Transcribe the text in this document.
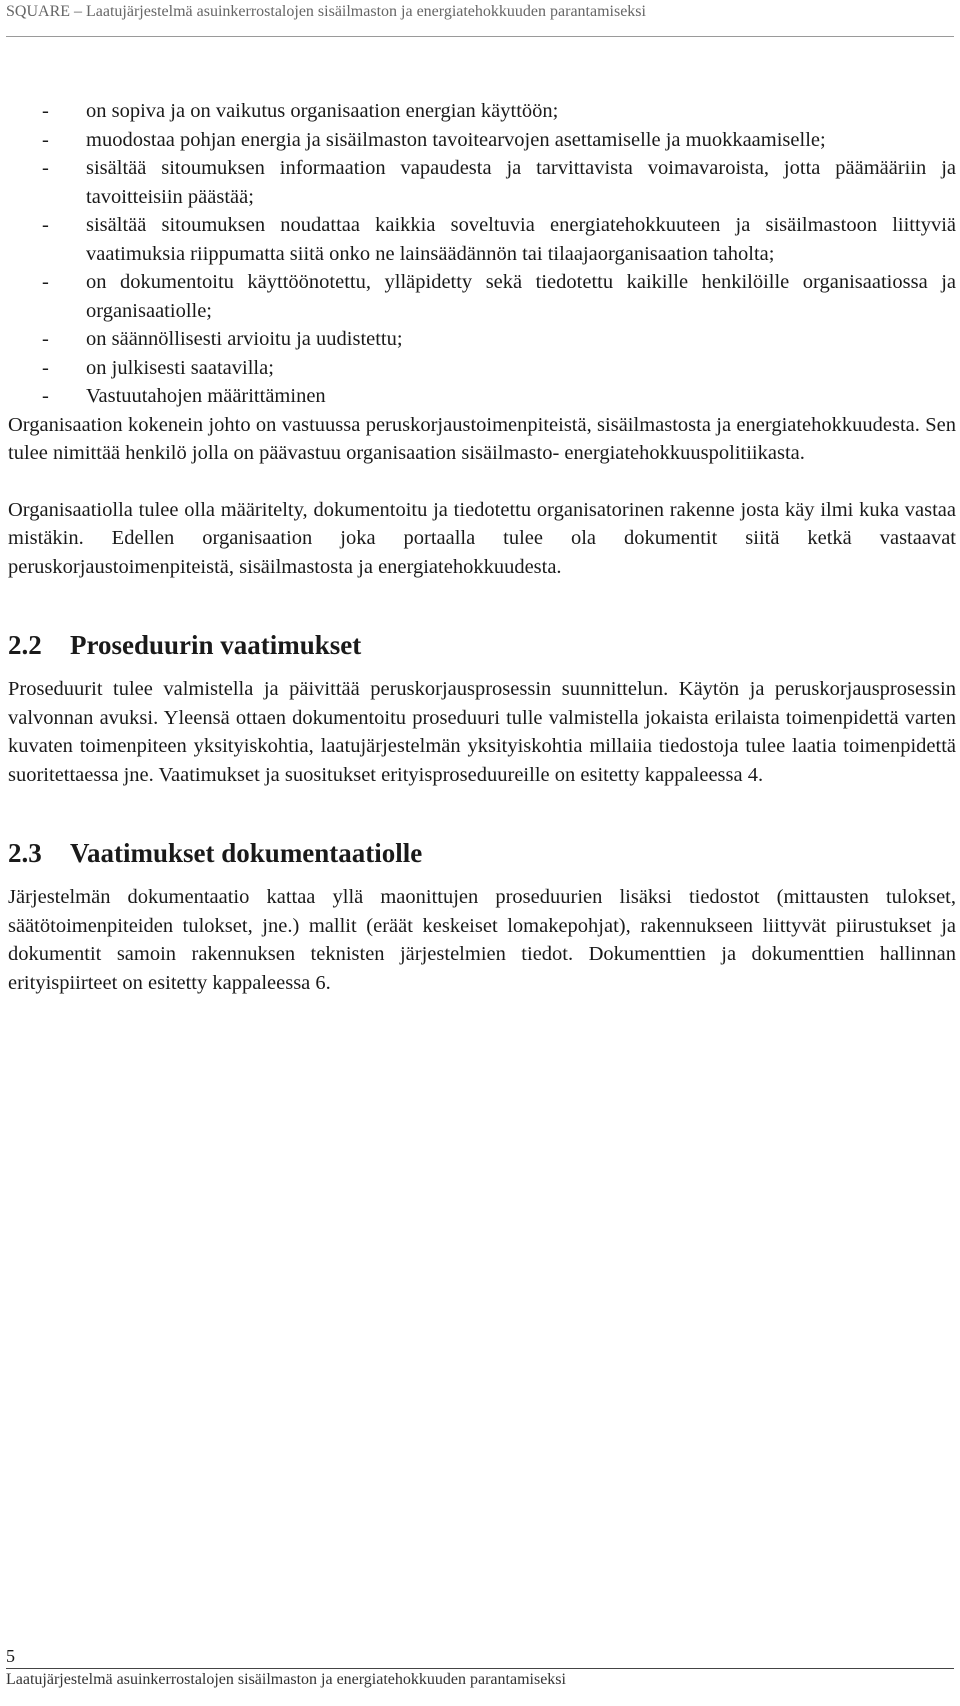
SQUARE – Laatujärjestelmä asuinkerrostalojen sisäilmaston ja energiatehokkuuden parantamiseksi
- on sopiva ja on vaikutus organisaation energian käyttöön;
- muodostaa pohjan energia ja sisäilmaston tavoitearvojen asettamiselle ja muokkaamiselle;
- sisältää sitoumuksen informaation vapaudesta ja tarvittavista voimavaroista, jotta päämääriin ja tavoitteisiin päästää;
- sisältää sitoumuksen noudattaa kaikkia soveltuvia energiatehokkuuteen ja sisäilmastoon liittyviä vaatimuksia riippumatta siitä onko ne lainsäädännön tai tilaajaorganisaation taholta;
- on dokumentoitu käyttöönotettu, ylläpidetty sekä tiedotettu kaikille henkilöille organisaatiossa ja organisaatiolle;
- on säännöllisesti arvioitu ja uudistettu;
- on julkisesti saatavilla;
- Vastuutahojen määrittäminen

Organisaation kokenein johto on vastuussa peruskorjaustoimenpiteistä, sisäilmastosta ja energiatehokkuudesta. Sen tulee nimittää henkilö jolla on päävastuu organisaation sisäilmasto- energiatehokkuuspolitiikasta.

Organisaatiolla tulee olla määritelty, dokumentoitu ja tiedotettu organisatorinen rakenne josta käy ilmi kuka vastaa mistäkin. Edellen organisaation joka portaalla tulee ola dokumentit siitä ketkä vastaavat peruskorjaustoimenpiteistä, sisäilmastosta ja energiatehokkuudesta.

2.2	Proseduurin vaatimukset

Proseduurit tulee valmistella ja päivittää peruskorjausprosessin suunnittelun. Käytön ja peruskorjausprosessin valvonnan avuksi. Yleensä ottaen dokumentoitu proseduuri tulle valmistella jokaista erilaista toimenpidettä varten kuvaten toimenpiteen yksityiskohtia, laatujärjestelmän yksityiskohtia millaiia tiedostoja tulee laatia toimenpidettä suoritettaessa jne. Vaatimukset ja suositukset erityisproseduureille on esitetty kappaleessa 4.

2.3	Vaatimukset dokumentaatiolle

Järjestelmän dokumentaatio kattaa yllä maonittujen proseduurien lisäksi tiedostot (mittausten tulokset, säätötoimenpiteiden tulokset, jne.) mallit (eräät keskeiset lomakepohjat), rakennukseen liittyvät piirustukset ja dokumentit samoin rakennuksen teknisten järjestelmien tiedot. Dokumenttien ja dokumenttien hallinnan erityispiirteet on esitetty kappaleessa 6.

5
Laatujärjestelmä asuinkerrostalojen sisäilmaston ja energiatehokkuuden parantamiseksi
